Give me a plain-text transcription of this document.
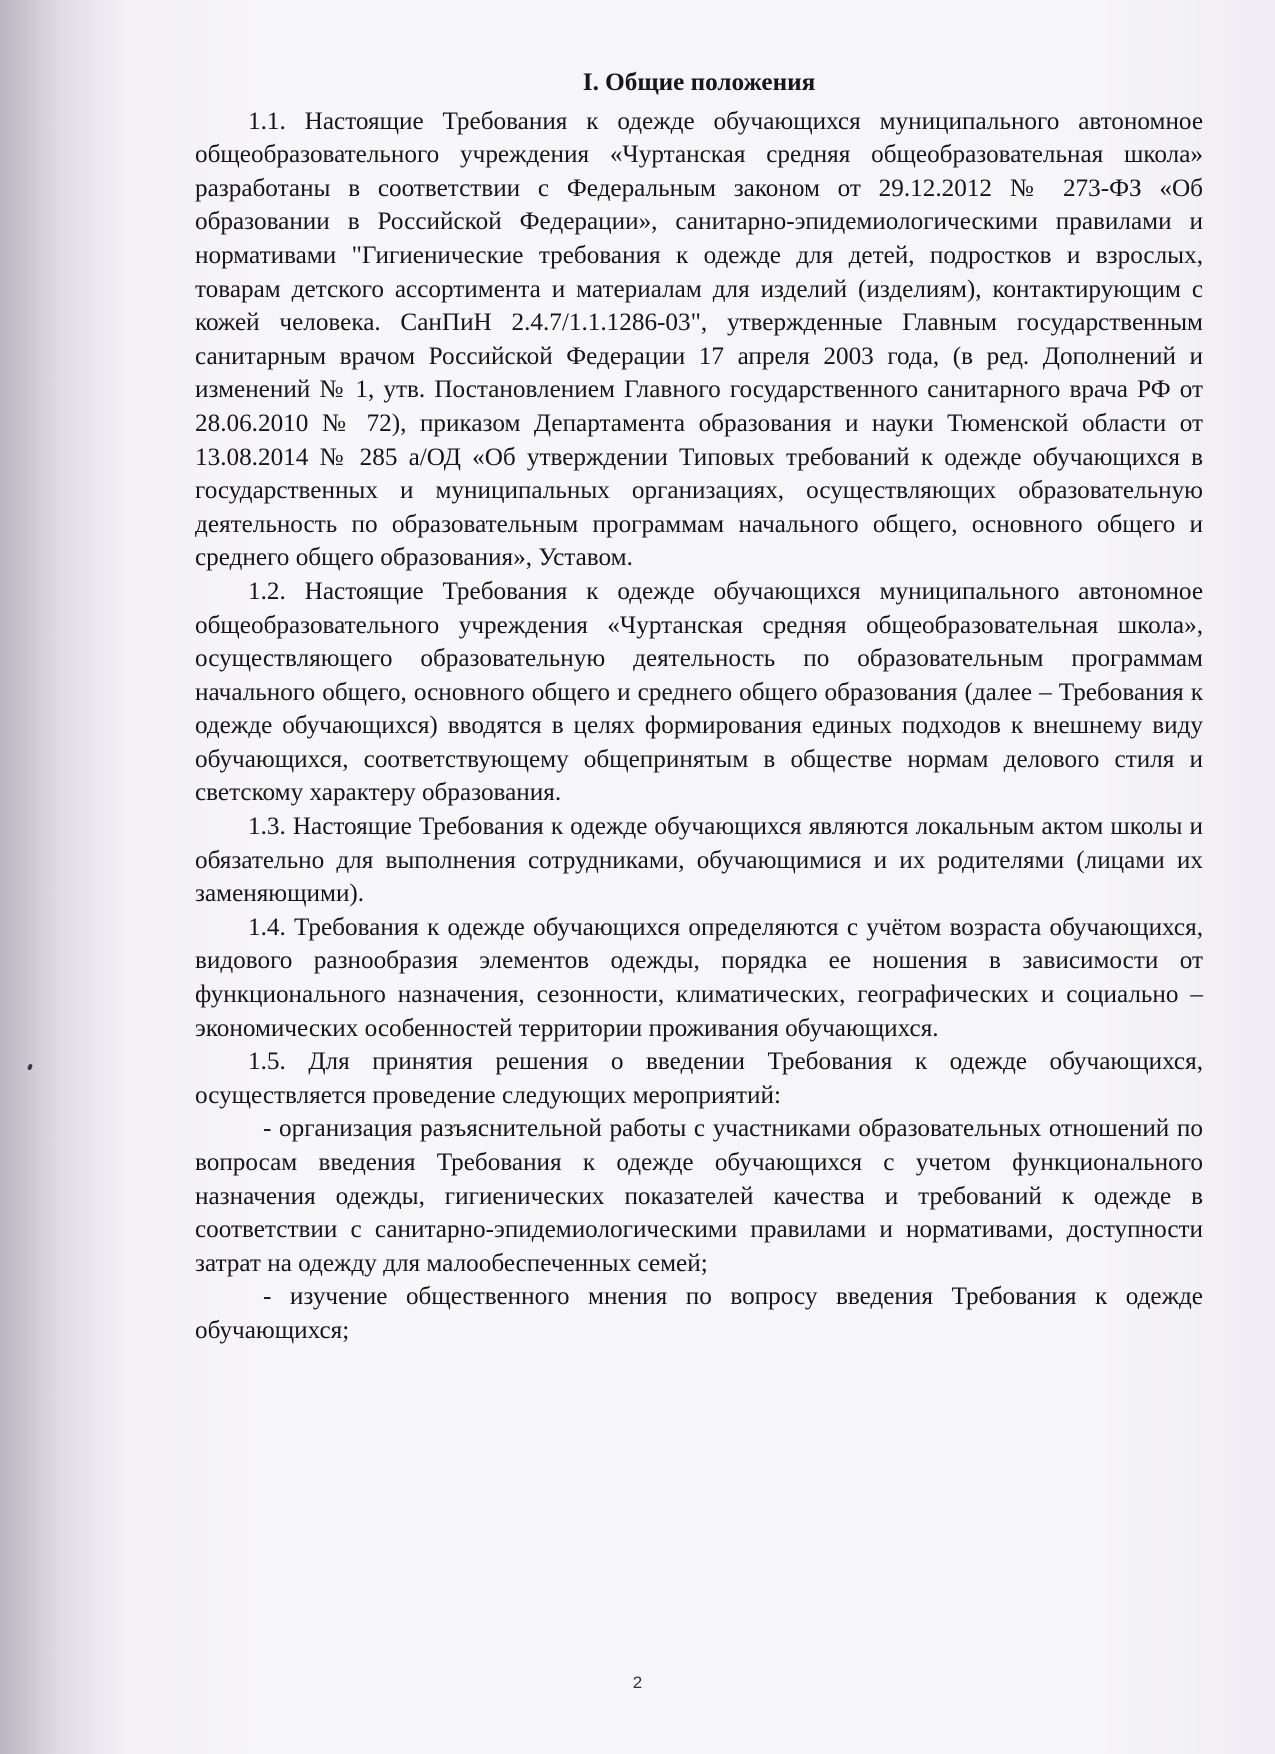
I. Общие положения

1.1. Настоящие Требования к одежде обучающихся муниципального автономное общеобразовательного учреждения «Чуртанская средняя общеобразовательная школа» разработаны в соответствии с Федеральным законом от 29.12.2012 № 273-ФЗ «Об образовании в Российской Федерации», санитарно-эпидемиологическими правилами и нормативами "Гигиенические требования к одежде для детей, подростков и взрослых, товарам детского ассортимента и материалам для изделий (изделиям), контактирующим с кожей человека. СанПиН 2.4.7/1.1.1286-03", утвержденные Главным государственным санитарным врачом Российской Федерации 17 апреля 2003 года, (в ред. Дополнений и изменений № 1, утв. Постановлением Главного государственного санитарного врача РФ от 28.06.2010 № 72), приказом Департамента образования и науки Тюменской области от 13.08.2014 № 285 а/ОД «Об утверждении Типовых требований к одежде обучающихся в государственных и муниципальных организациях, осуществляющих образовательную деятельность по образовательным программам начального общего, основного общего и среднего общего образования», Уставом.

1.2. Настоящие Требования к одежде обучающихся муниципального автономное общеобразовательного учреждения «Чуртанская средняя общеобразовательная школа», осуществляющего образовательную деятельность по образовательным программам начального общего, основного общего и среднего общего образования (далее – Требования к одежде обучающихся) вводятся в целях формирования единых подходов к внешнему виду обучающихся, соответствующему общепринятым в обществе нормам делового стиля и светскому характеру образования.

1.3. Настоящие Требования к одежде обучающихся являются локальным актом школы и обязательно для выполнения сотрудниками, обучающимися и их родителями (лицами их заменяющими).

1.4. Требования к одежде обучающихся определяются с учётом возраста обучающихся, видового разнообразия элементов одежды, порядка ее ношения в зависимости от функционального назначения, сезонности, климатических, географических и социально – экономических особенностей территории проживания обучающихся.

1.5. Для принятия решения о введении Требования к одежде обучающихся, осуществляется проведение следующих мероприятий:

- организация разъяснительной работы с участниками образовательных отношений по вопросам введения Требования к одежде обучающихся с учетом функционального назначения одежды, гигиенических показателей качества и требований к одежде в соответствии с санитарно-эпидемиологическими правилами и нормативами, доступности затрат на одежду для малообеспеченных семей;

- изучение общественного мнения по вопросу введения Требования к одежде обучающихся;

2
